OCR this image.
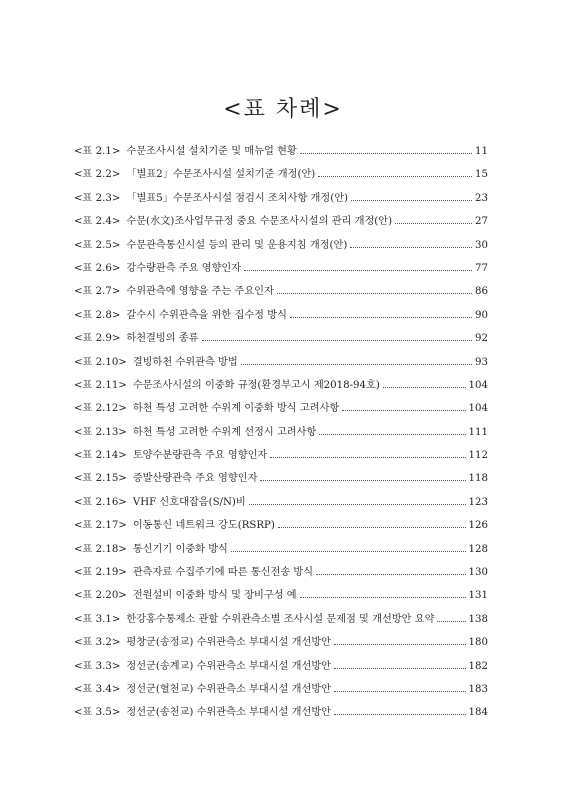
<표 차례>
<표 2.1> 수문조사시설 설치기준 및 매뉴얼 현황	11
<표 2.2> 「별표2」수문조사시설 설치기준 개정(안)	15
<표 2.3> 「별표5」수문조사시설 점검시 조치사항 개정(안)	23
<표 2.4> 수문(水文)조사업무규정 중요 수문조사시설의 관리 개정(안)	27
<표 2.5> 수문관측통신시설 등의 관리 및 운용지침 개정(안)	30
<표 2.6> 강수량관측 주요 영향인자	77
<표 2.7> 수위관측에 영향을 주는 주요인자	86
<표 2.8> 갈수시 수위관측을 위한 집수정 방식	90
<표 2.9> 하천결빙의 종류	92
<표 2.10> 결빙하천 수위관측 방법	93
<표 2.11> 수문조사시설의 이중화 규정(환경부고시 제2018-94호)	104
<표 2.12> 하천 특성 고려한 수위계 이중화 방식 고려사항	104
<표 2.13> 하천 특성 고려한 수위계 선정시 고려사항	111
<표 2.14> 토양수분량관측 주요 영향인자	112
<표 2.15> 증발산량관측 주요 영향인자	118
<표 2.16> VHF 신호대잡음(S/N)비	123
<표 2.17> 이동통신 네트워크 강도(RSRP)	126
<표 2.18> 통신기기 이중화 방식	128
<표 2.19> 관측자료 수집주기에 따른 통신전송 방식	130
<표 2.20> 전원설비 이중화 방식 및 장비구성 예	131
<표 3.1> 한강홍수통제소 관할 수위관측소별 조사시설 문제점 및 개선방안 요약	138
<표 3.2> 평창군(송정교) 수위관측소 부대시설 개선방안	180
<표 3.3> 정선군(송계교) 수위관측소 부대시설 개선방안	182
<표 3.4> 정선군(혈천교) 수위관측소 부대시설 개선방안	183
<표 3.5> 정선군(송천교) 수위관측소 부대시설 개선방안	184
